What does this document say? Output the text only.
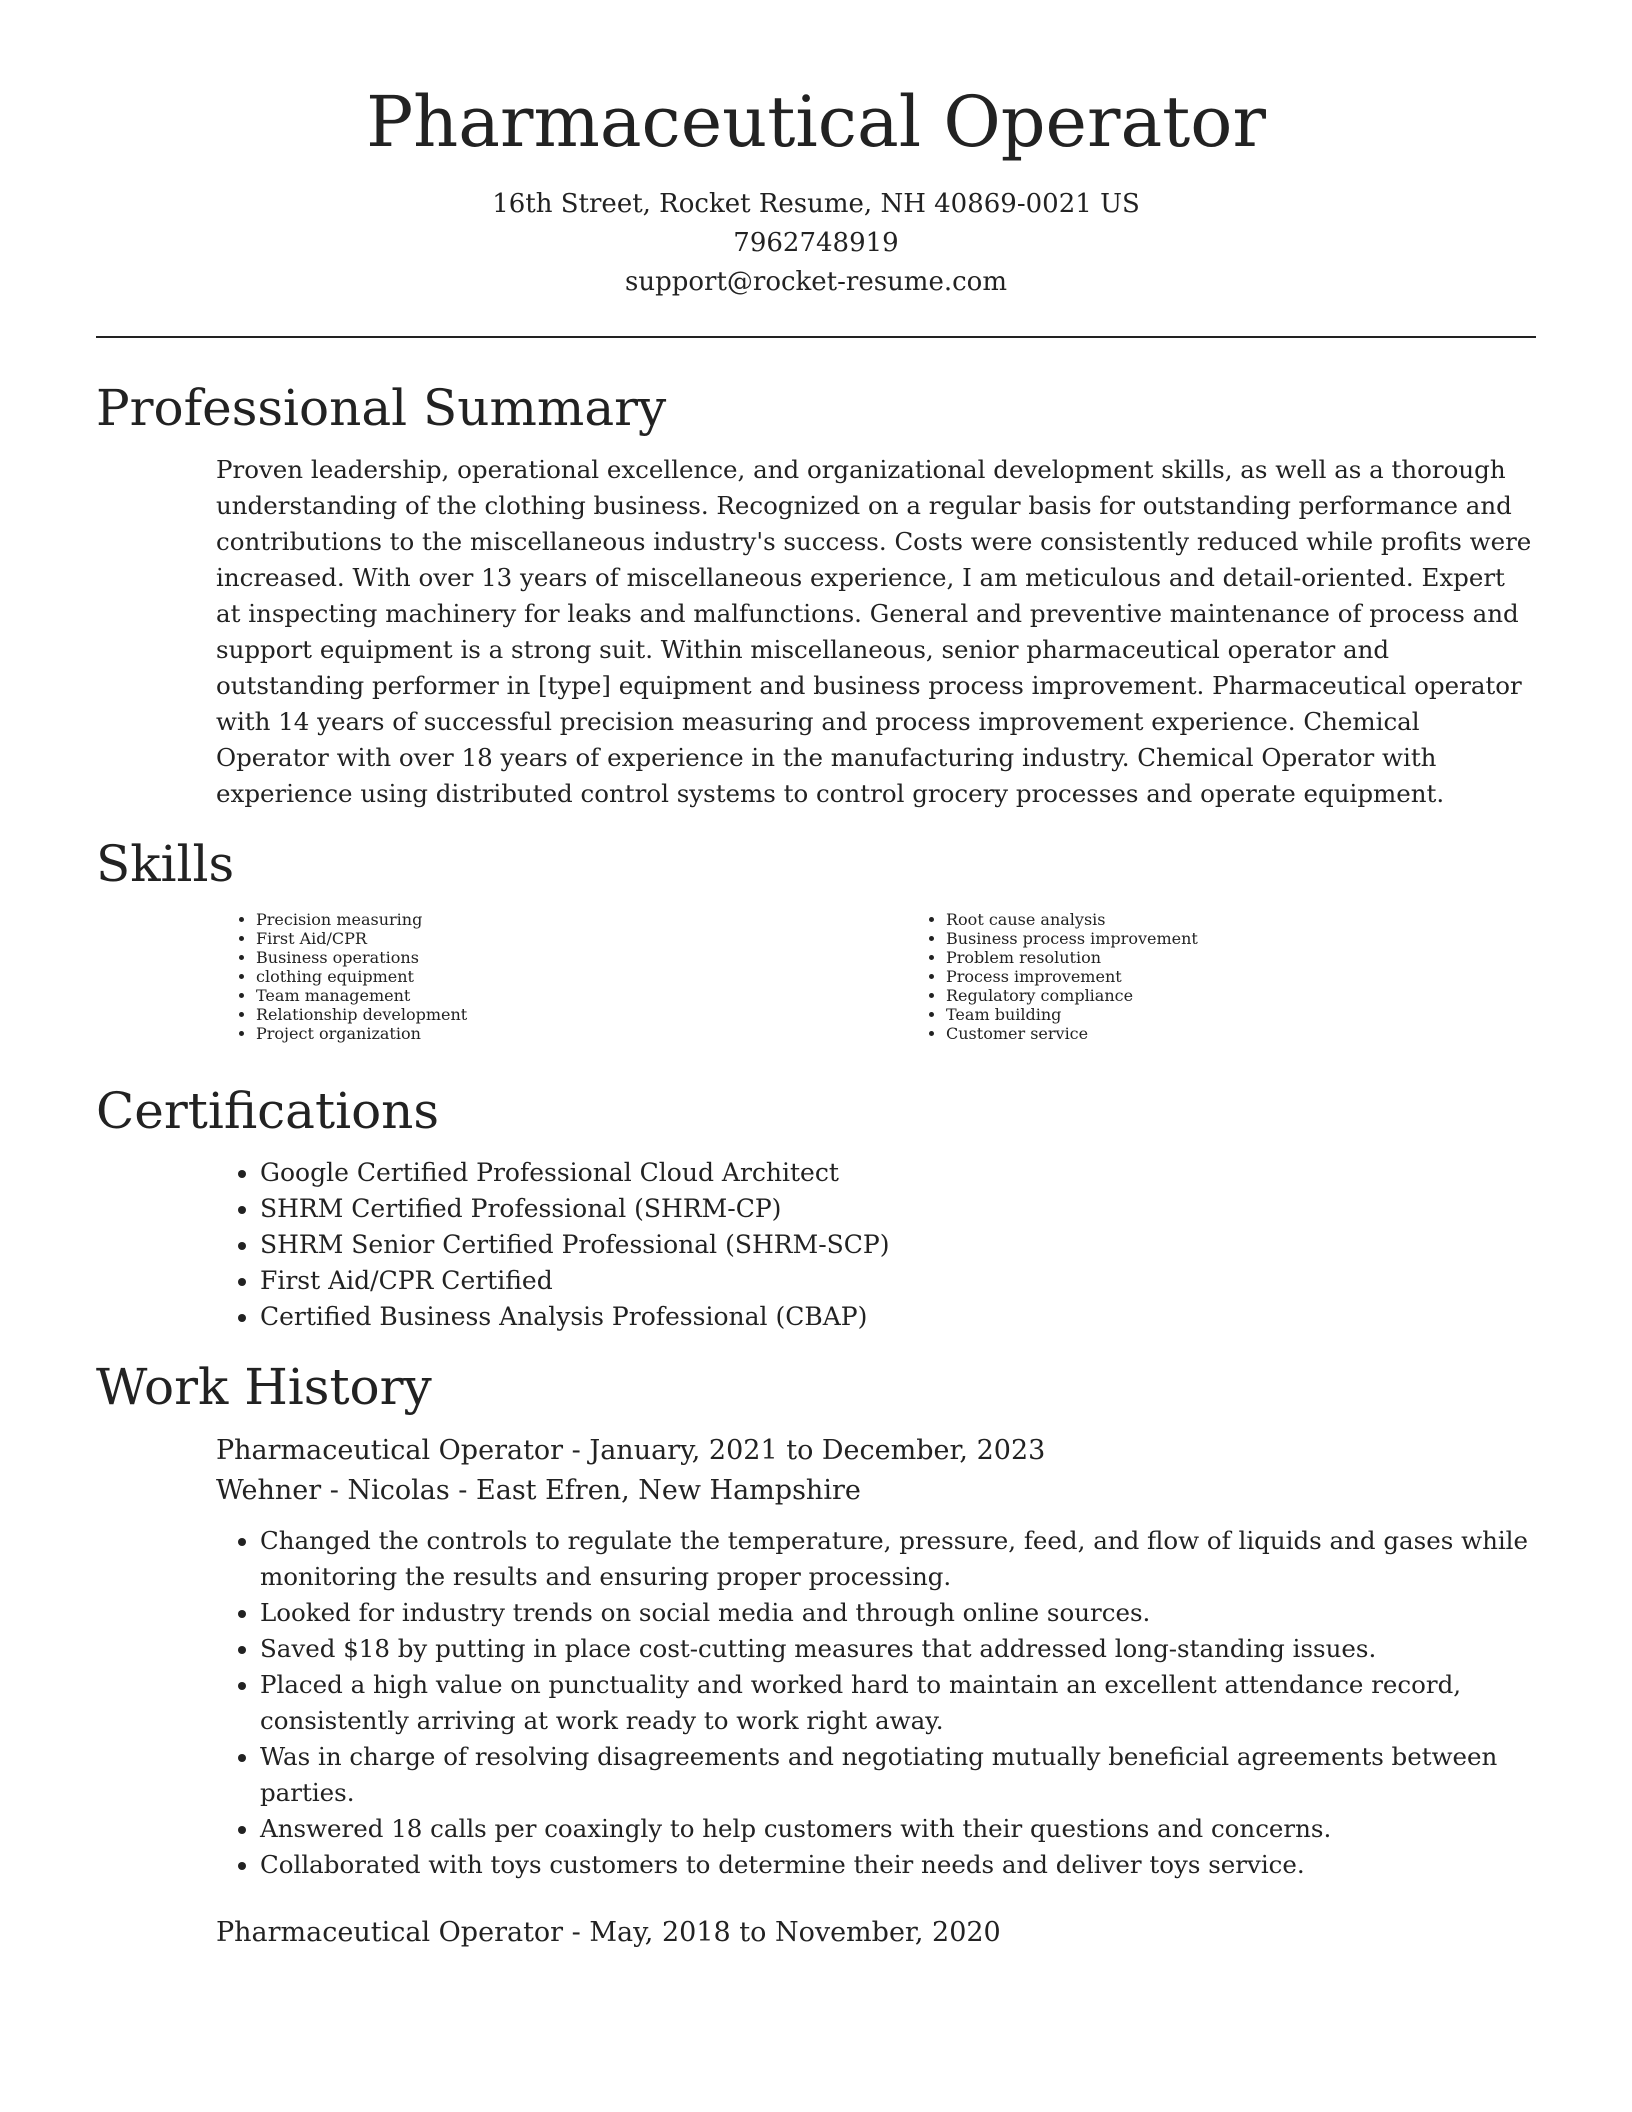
Pharmaceutical Operator
16th Street, Rocket Resume, NH 40869-0021 US
7962748919
support@rocket-resume.com
Professional Summary

Proven leadership, operational excellence, and organizational development skills, as well as a thorough understanding of the clothing business. Recognized on a regular basis for outstanding performance and contributions to the miscellaneous industry's success. Costs were consistently reduced while profits were increased. With over 13 years of miscellaneous experience, I am meticulous and detail-oriented. Expert at inspecting machinery for leaks and malfunctions. General and preventive maintenance of process and support equipment is a strong suit. Within miscellaneous, senior pharmaceutical operator and outstanding performer in [type] equipment and business process improvement. Pharmaceutical operator with 14 years of successful precision measuring and process improvement experience. Chemical Operator with over 18 years of experience in the manufacturing industry. Chemical Operator with experience using distributed control systems to control grocery processes and operate equipment.

Skills
• Precision measuring
• First Aid/CPR
• Business operations
• clothing equipment
• Team management
• Relationship development
• Project organization
• Root cause analysis
• Business process improvement
• Problem resolution
• Process improvement
• Regulatory compliance
• Team building
• Customer service
Certifications
• Google Certified Professional Cloud Architect
• SHRM Certified Professional (SHRM-CP)
• SHRM Senior Certified Professional (SHRM-SCP)
• First Aid/CPR Certified
• Certified Business Analysis Professional (CBAP)
Work History
Pharmaceutical Operator - January, 2021 to December, 2023
Wehner - Nicolas - East Efren, New Hampshire
• Changed the controls to regulate the temperature, pressure, feed, and flow of liquids and gases while monitoring the results and ensuring proper processing.
• Looked for industry trends on social media and through online sources.
• Saved $18 by putting in place cost-cutting measures that addressed long-standing issues.
• Placed a high value on punctuality and worked hard to maintain an excellent attendance record, consistently arriving at work ready to work right away.
• Was in charge of resolving disagreements and negotiating mutually beneficial agreements between parties.
• Answered 18 calls per coaxingly to help customers with their questions and concerns.
• Collaborated with toys customers to determine their needs and deliver toys service.
Pharmaceutical Operator - May, 2018 to November, 2020
